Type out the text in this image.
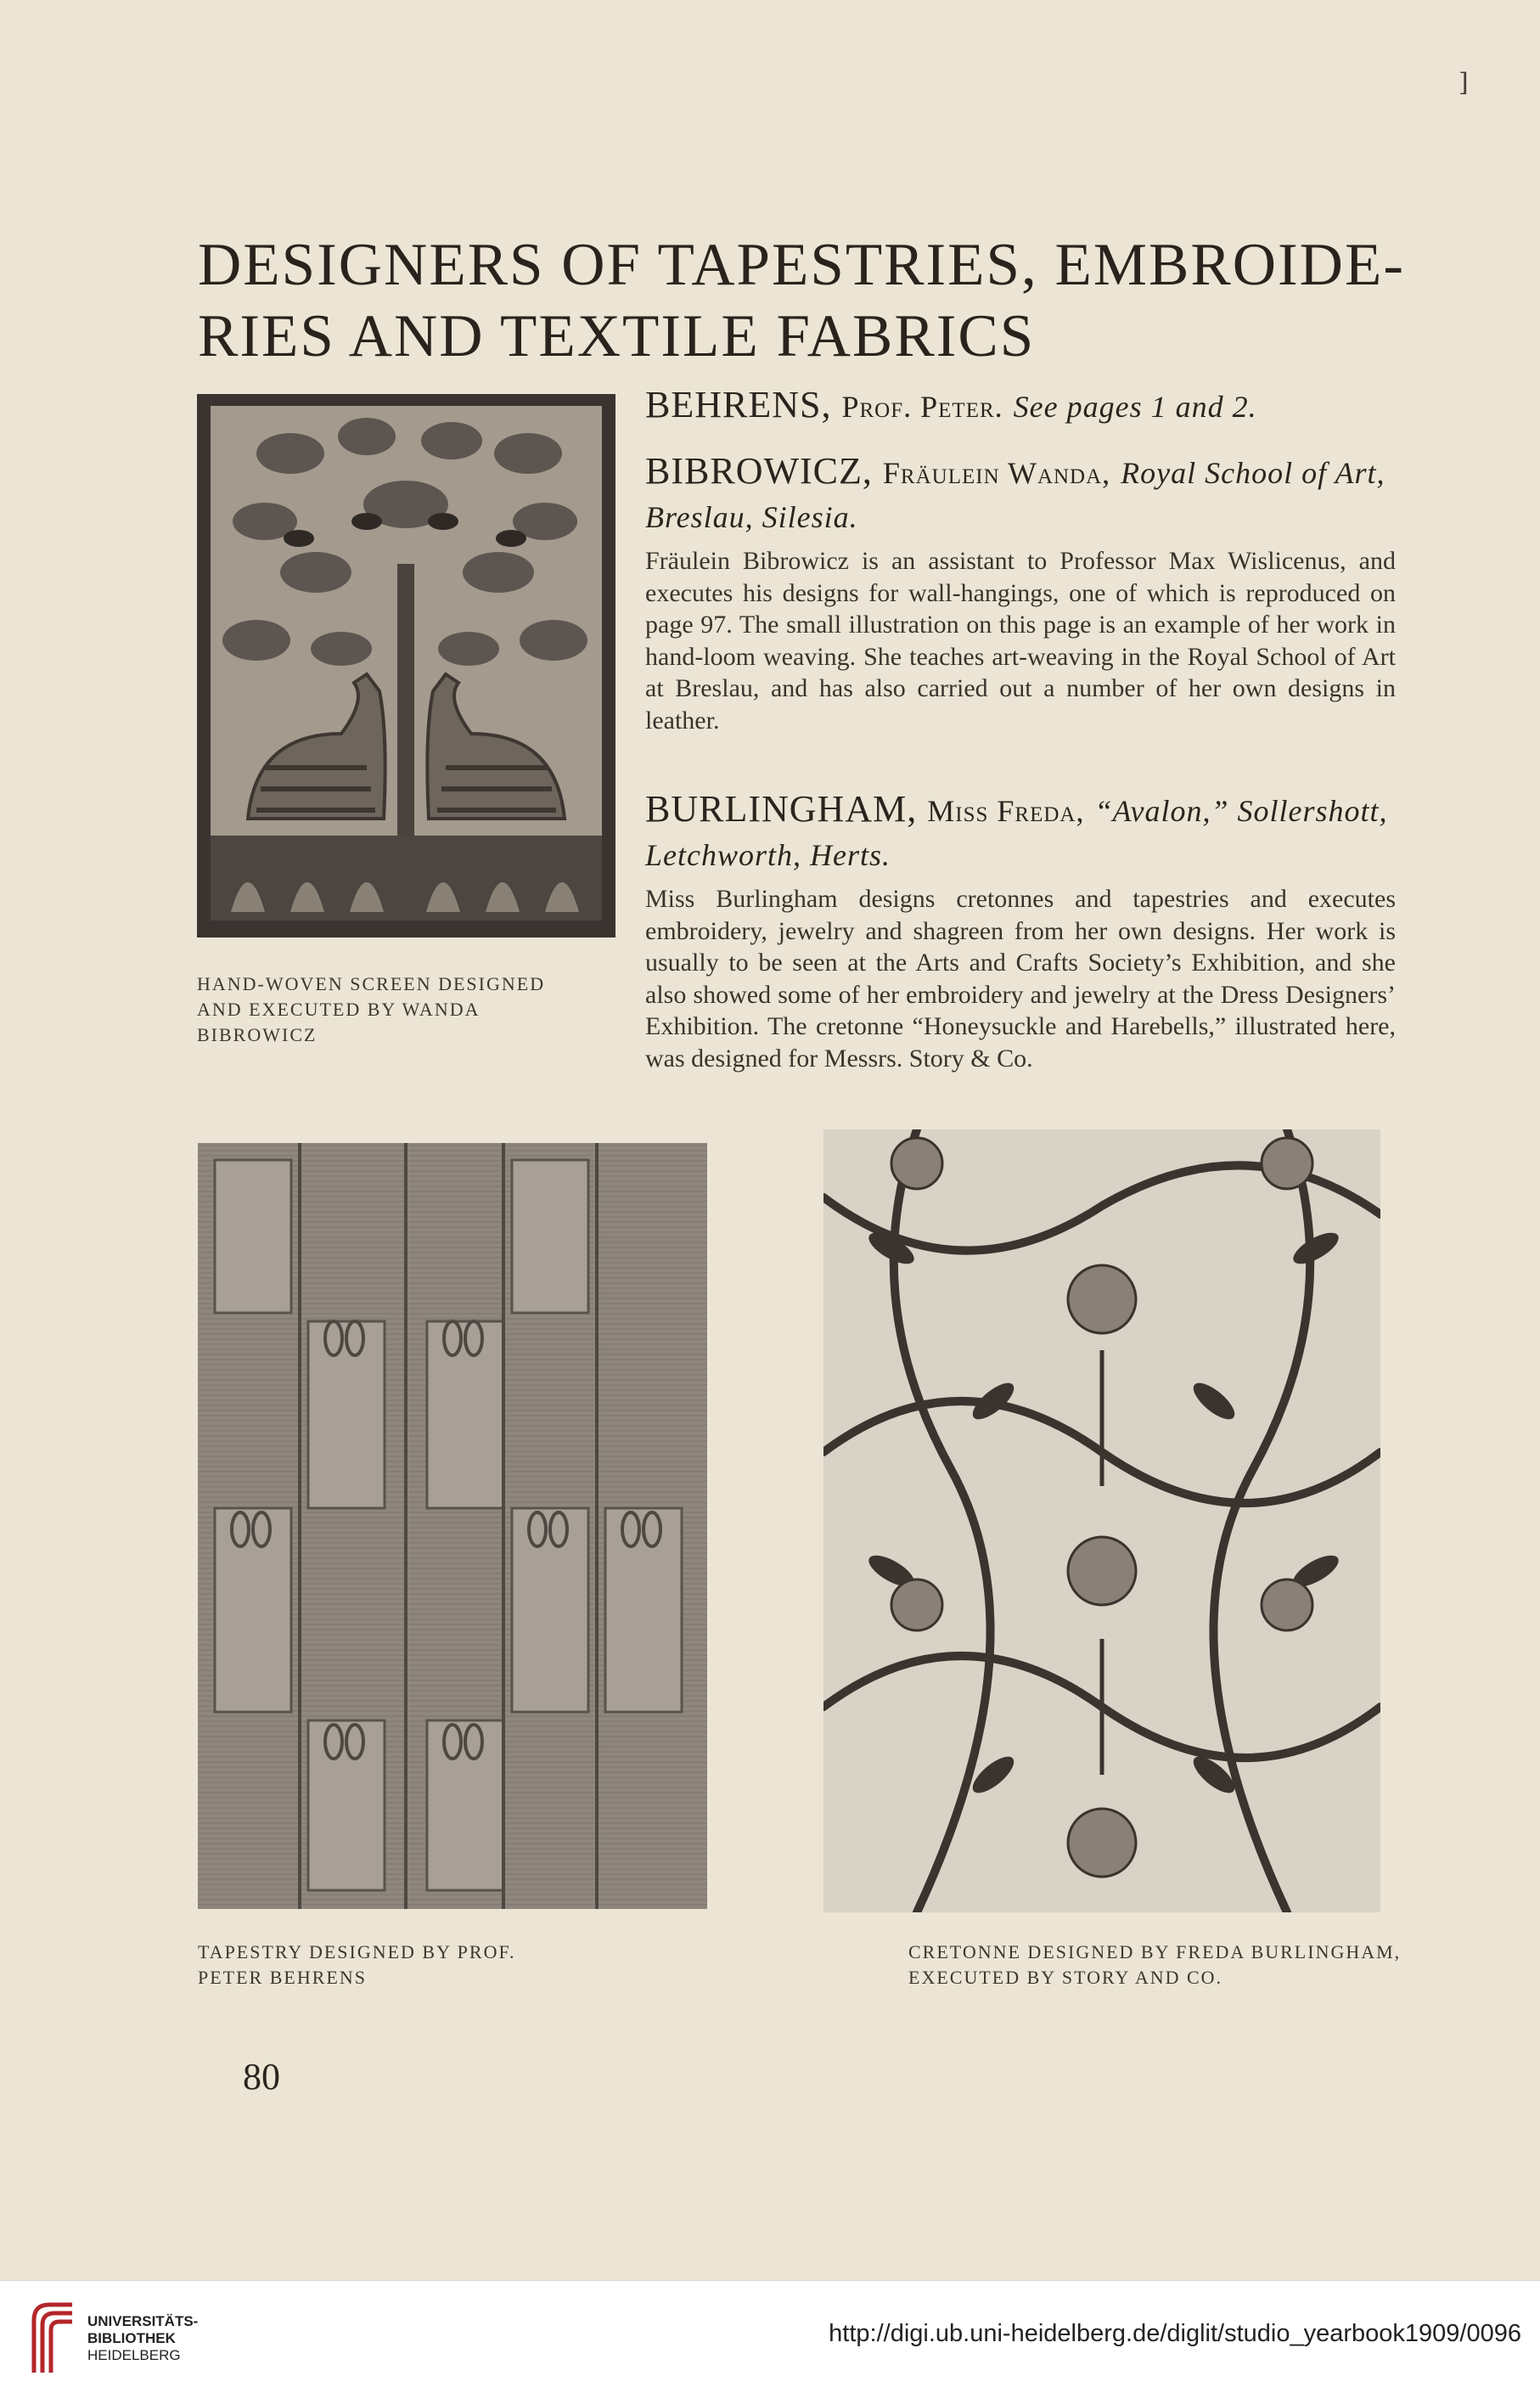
]
DESIGNERS OF TAPESTRIES, EMBROIDE- RIES AND TEXTILE FABRICS
HAND-WOVEN SCREEN DESIGNED AND EXECUTED BY WANDA BIBROWICZ
BEHRENS, Prof. Peter. See pages 1 and 2.
BIBROWICZ, Fräulein Wanda, Royal School of Art, Breslau, Silesia.

Fräulein Bibrowicz is an assistant to Professor Max Wislicenus, and executes his designs for wall-hangings, one of which is reproduced on page 97. The small illustration on this page is an example of her work in hand-loom weaving. She teaches art-weaving in the Royal School of Art at Breslau, and has also carried out a number of her own designs in leather.

BURLINGHAM, Miss Freda, “Avalon,” Sollershott, Letchworth, Herts.

Miss Burlingham designs cretonnes and tapestries and executes embroidery, jewelry and shagreen from her own designs. Her work is usually to be seen at the Arts and Crafts Society’s Exhibition, and she also showed some of her embroidery and jewelry at the Dress Designers’ Exhibition. The cretonne “Honeysuckle and Harebells,” illustrated here, was designed for Messrs. Story & Co.

TAPESTRY DESIGNED BY PROF. PETER BEHRENS
CRETONNE DESIGNED BY FREDA BURLINGHAM, EXECUTED BY STORY AND CO.
80
UNIVERSITÄTS-
BIBLIOTHEK
HEIDELBERG
http://digi.ub.uni-heidelberg.de/diglit/studio_yearbook1909/0096
